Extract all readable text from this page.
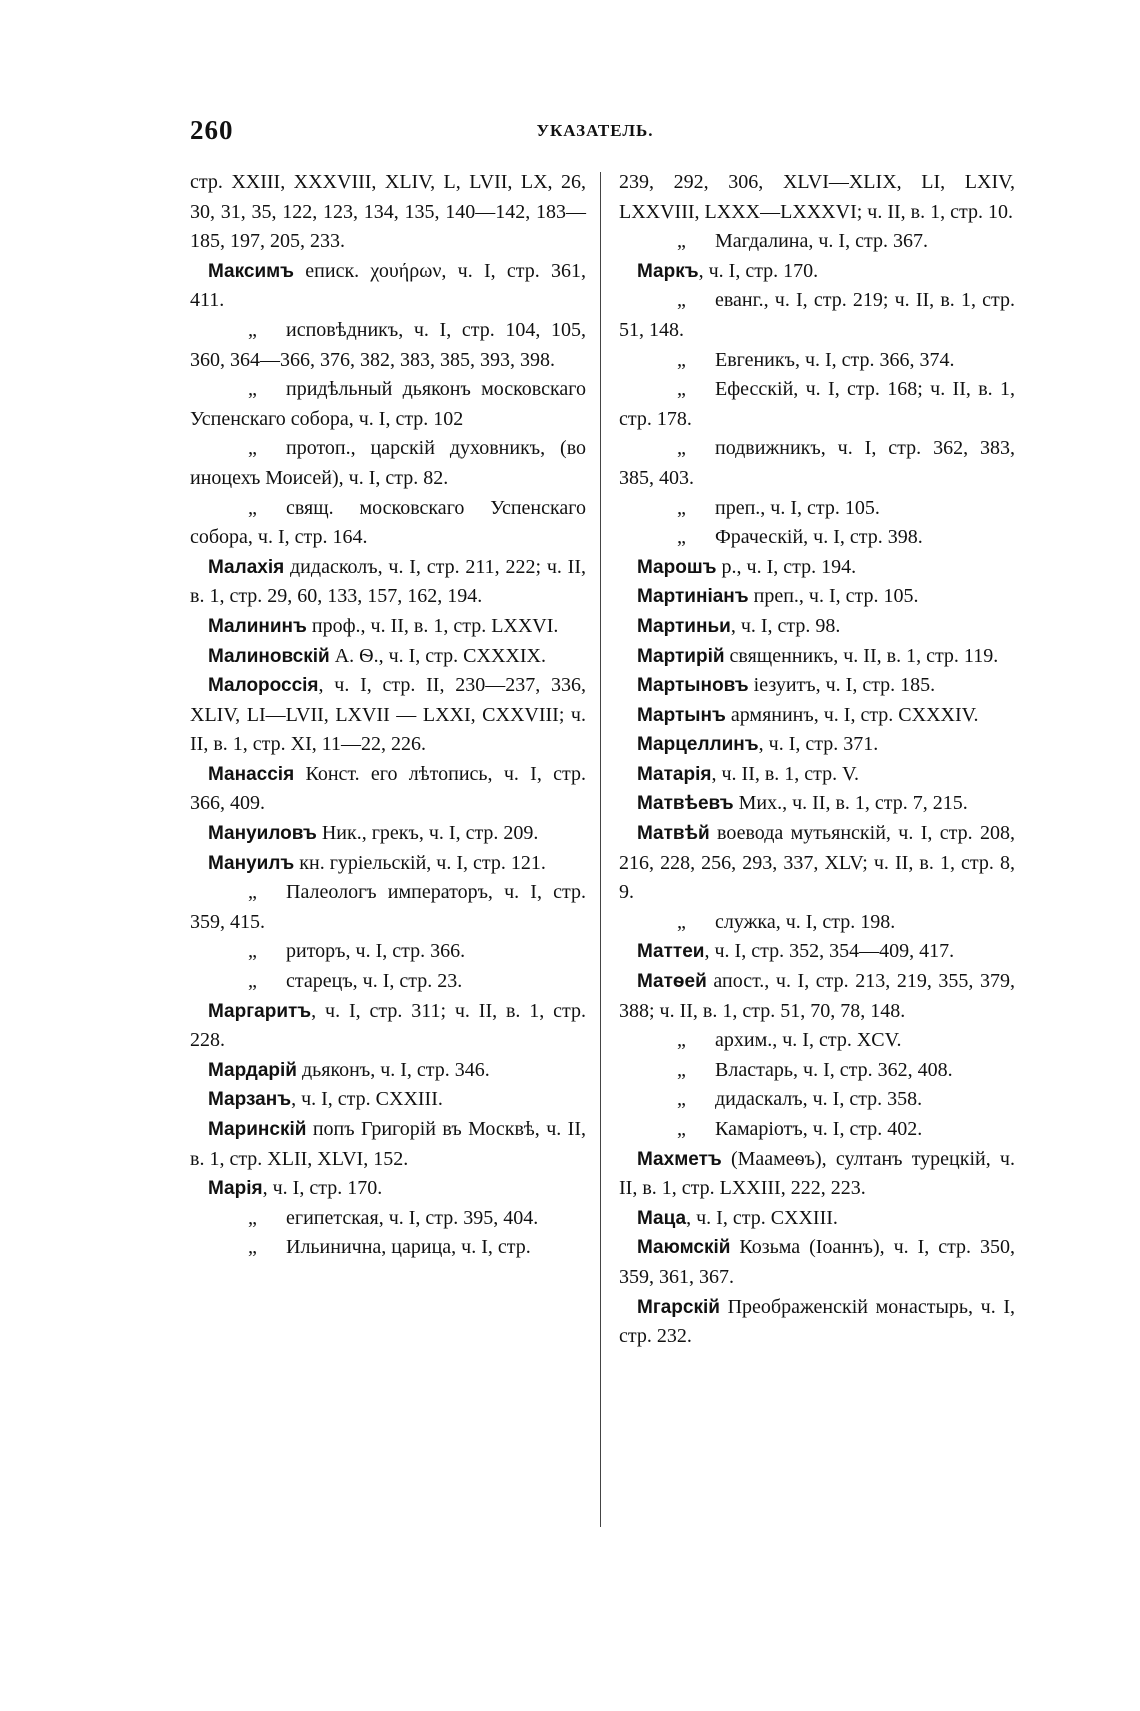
260	УКАЗАТЕЛЬ.

стр. XXIII, XXXVIII, XLIV, L, LVII, LX, 26, 30, 31, 35, 122, 123, 134, 135, 140—142, 183—185, 197, 205, 233.

Максимъ еписк. χουήρων, ч. I, стр. 361, 411.

„ исповѣдникъ, ч. I, стр. 104, 105, 360, 364—366, 376, 382, 383, 385, 393, 398.

„ придѣльный дьяконъ московскаго Успенскаго собора, ч. I, стр. 102

„ протоп., царскій духовникъ, (во иноцехъ Моисей), ч. I, стр. 82.

„ свящ. московскаго Успенскаго собора, ч. I, стр. 164.

Малахія дидасколъ, ч. I, стр. 211, 222; ч. II, в. 1, стр. 29, 60, 133, 157, 162, 194.

Малининъ проф., ч. II, в. 1, стр. LXXVI.

Малиновскій А. Ѳ., ч. I, стр. CXXXIX.

Малороссія, ч. I, стр. II, 230—237, 336, XLIV, LI—LVII, LXVII — LXXI, CXXVIII; ч. II, в. 1, стр. XI, 11—22, 226.

Манассія Конст. его лѣтопись, ч. I, стр. 366, 409.

Мануиловъ Ник., грекъ, ч. I, стр. 209.

Мануилъ кн. гуріельскій, ч. I, стр. 121.

„ Палеологъ императоръ, ч. I, стр. 359, 415.

„ риторъ, ч. I, стр. 366.

„ старецъ, ч. I, стр. 23.

Маргаритъ, ч. I, стр. 311; ч. II, в. 1, стр. 228.

Мардарій дьяконъ, ч. I, стр. 346.

Марзанъ, ч. I, стр. CXXIII.

Маринскій попъ Григорій въ Москвѣ, ч. II, в. 1, стр. XLII, XLVI, 152.

Марія, ч. I, стр. 170.

„ египетская, ч. I, стр. 395, 404.

„ Ильинична, царица, ч. I, стр.

239, 292, 306, XLVI—XLIX, LI, LXIV, LXXVIII, LXXX—LXXXVI; ч. II, в. 1, стр. 10.

„ Магдалина, ч. I, стр. 367.

Маркъ, ч. I, стр. 170.

„ еванг., ч. I, стр. 219; ч. II, в. 1, стр. 51, 148.

„ Евгеникъ, ч. I, стр. 366, 374.

„ Ефесскій, ч. I, стр. 168; ч. II, в. 1, стр. 178.

„ подвижникъ, ч. I, стр. 362, 383, 385, 403.

„ преп., ч. I, стр. 105.

„ Фраческій, ч. I, стр. 398.

Марошъ р., ч. I, стр. 194.

Мартиніанъ преп., ч. I, стр. 105.

Мартиньи, ч. I, стр. 98.

Мартирій священникъ, ч. II, в. 1, стр. 119.

Мартыновъ іезуитъ, ч. I, стр. 185.

Мартынъ армянинъ, ч. I, стр. CXXXIV.

Марцеллинъ, ч. I, стр. 371.

Матарія, ч. II, в. 1, стр. V.

Матвѣевъ Мих., ч. II, в. 1, стр. 7, 215.

Матвѣй воевода мутьянскій, ч. I, стр. 208, 216, 228, 256, 293, 337, XLV; ч. II, в. 1, стр. 8, 9.

„ служка, ч. I, стр. 198.

Маттеи, ч. I, стр. 352, 354—409, 417.

Матѳей апост., ч. I, стр. 213, 219, 355, 379, 388; ч. II, в. 1, стр. 51, 70, 78, 148.

„ архим., ч. I, стр. XCV.

„ Властарь, ч. I, стр. 362, 408.

„ дидаскалъ, ч. I, стр. 358.

„ Камаріотъ, ч. I, стр. 402.

Махметъ (Маамеѳъ), султанъ турецкій, ч. II, в. 1, стр. LXXIII, 222, 223.

Маца, ч. I, стр. CXXIII.

Маюмскій Козьма (Іоаннъ), ч. I, стр. 350, 359, 361, 367.

Мгарскій Преображенскій монастырь, ч. I, стр. 232.
